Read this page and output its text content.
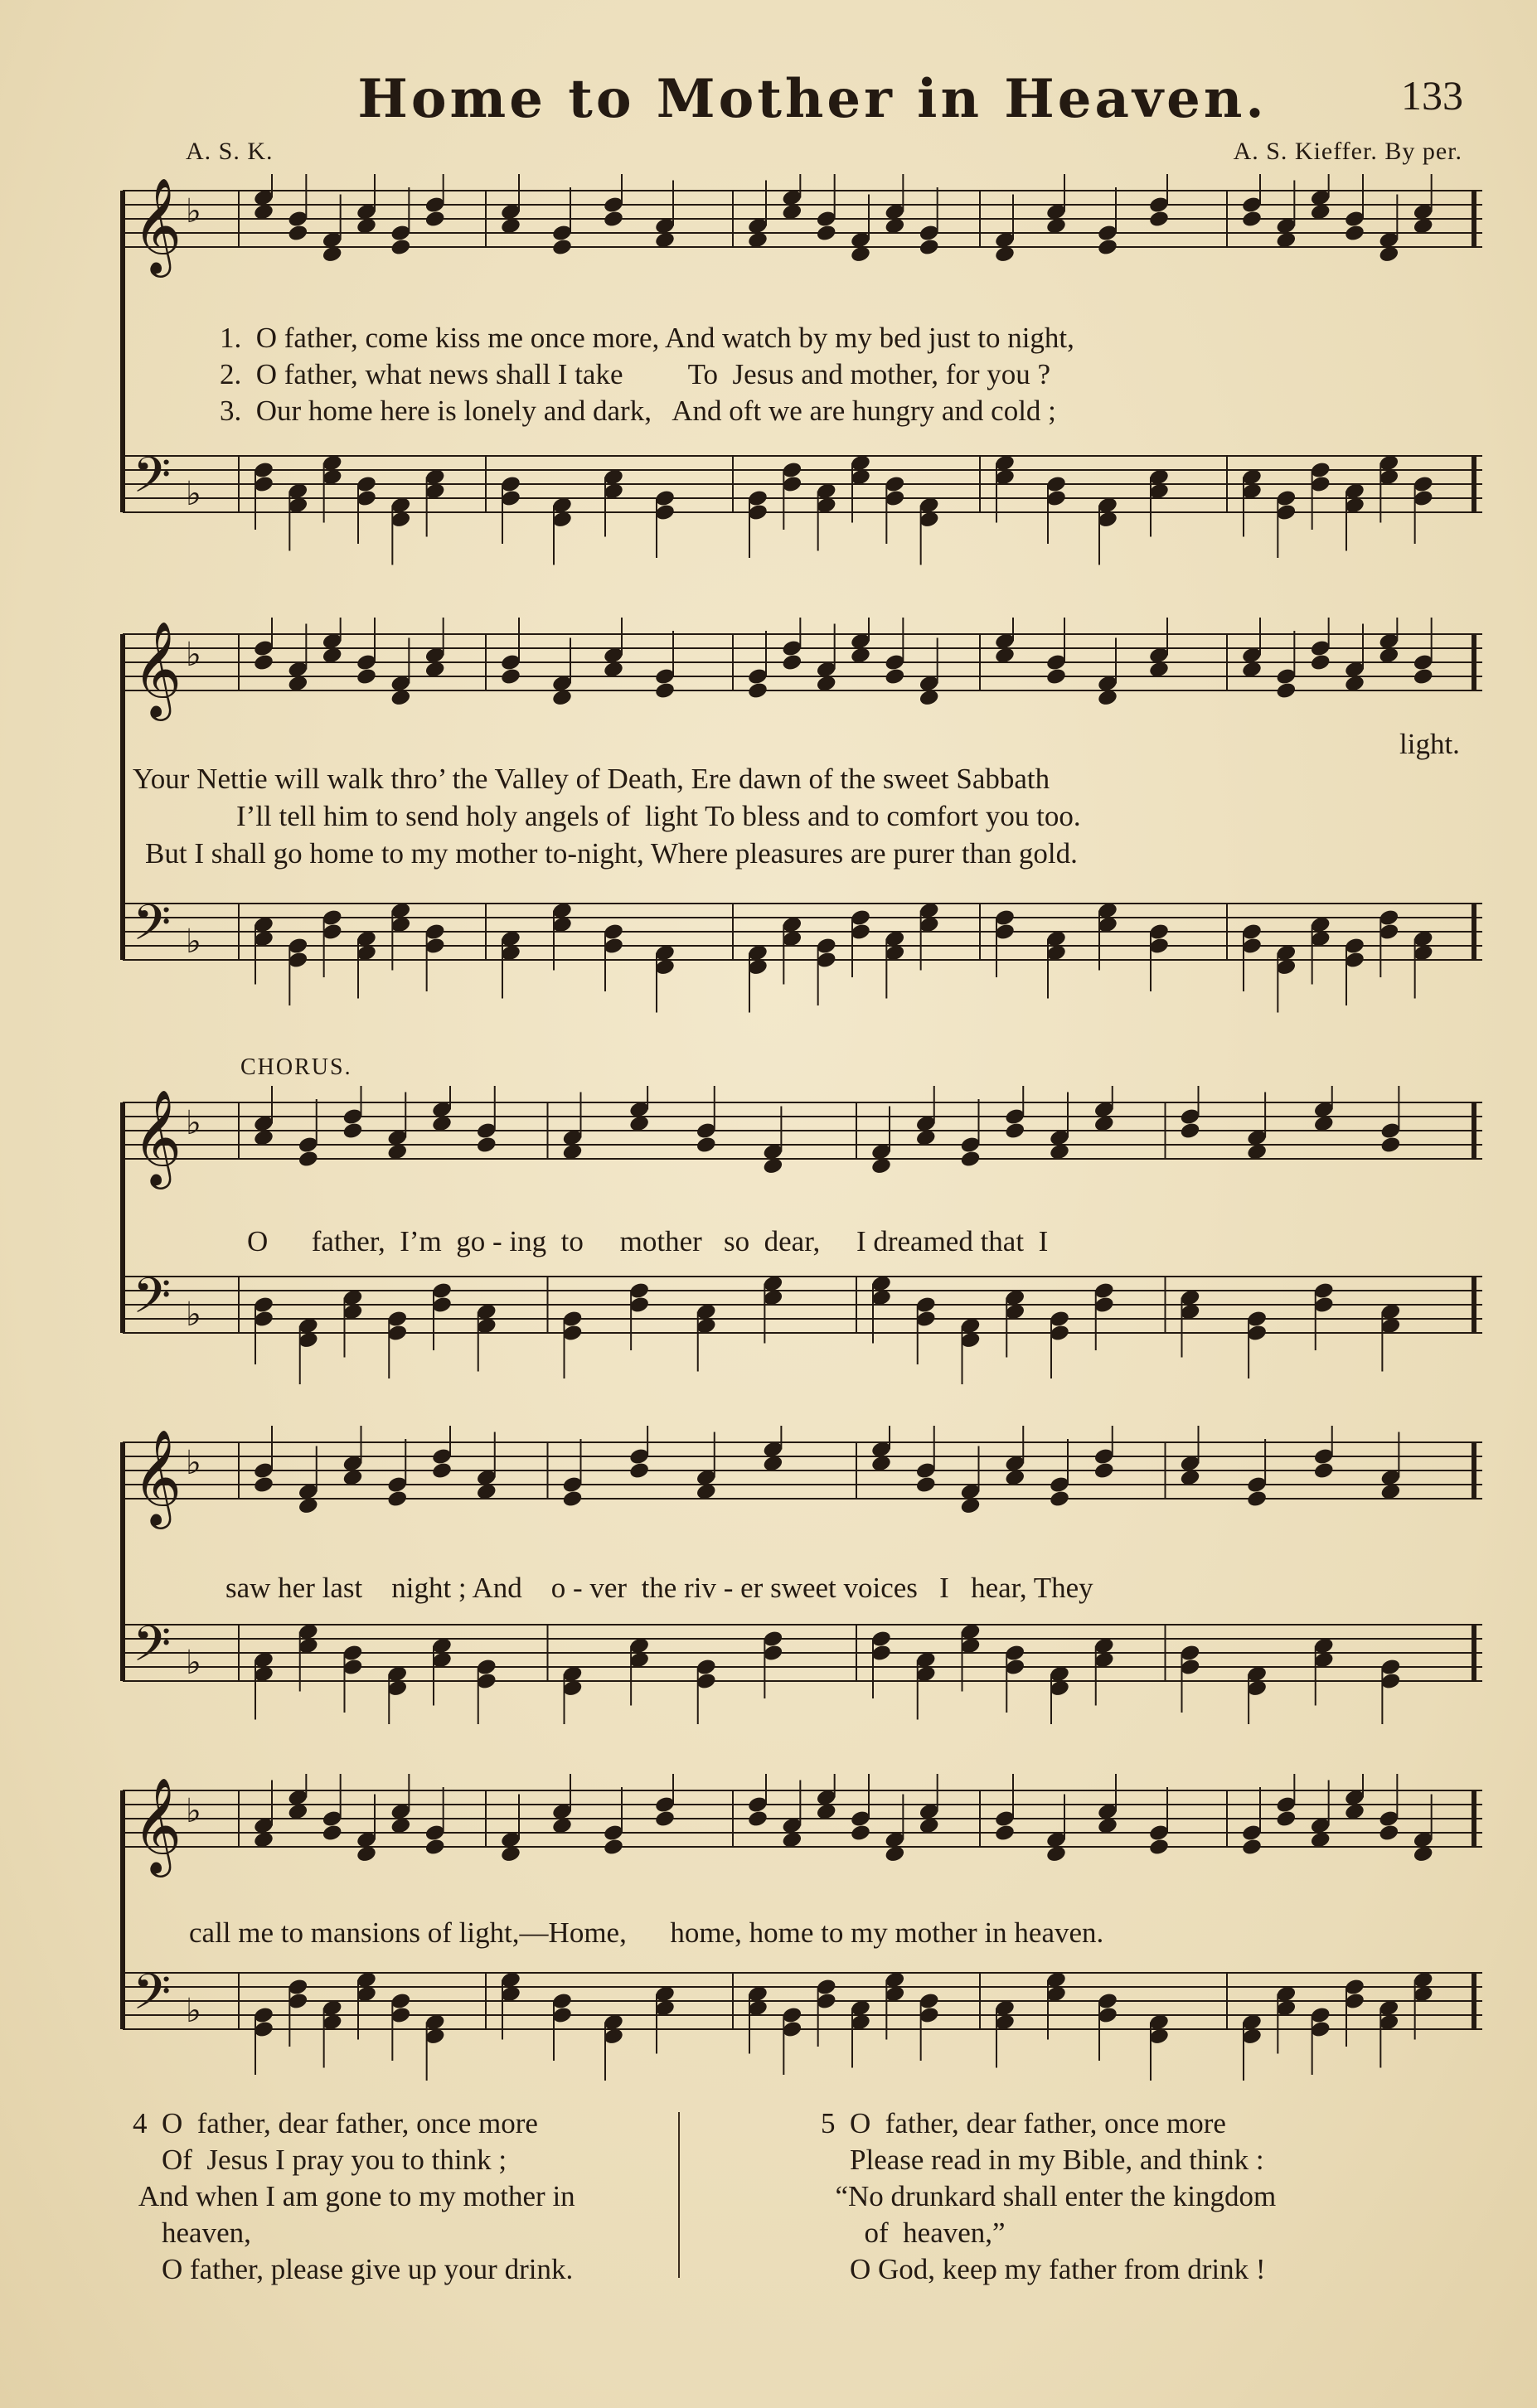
Home to Mother in Heaven.	133
A. S. K.	A. S. Kieffer. By per.
𝄞 ♭
𝄢 ♭
1.  O father, come kiss me once more, And watch by my bed just to night,
2.  O father, what news shall I take         To  Jesus and mother, for you ?
3.  Our home here is lonely and dark,   And oft we are hungry and cold ;
𝄞 ♭
𝄢 ♭
light.
Your Nettie will walk thro’ the Valley of Death, Ere dawn of the sweet Sabbath
I’ll tell him to send holy angels of  light To bless and to comfort you too.
But I shall go home to my mother to-night, Where pleasures are purer than gold.
CHORUS.
𝄞 ♭
𝄢 ♭
O      father,  I’m  go - ing  to     mother   so  dear,     I dreamed that  I
𝄞 ♭
𝄢 ♭
saw her last    night ; And    o - ver  the riv - er sweet voices   I   hear, They
𝄞 ♭
𝄢 ♭
call me to mansions of light,—Home,      home, home to my mother in heaven.
4  O  father, dear father, once more
Of  Jesus I pray you to think ;
And when I am gone to my mother in
heaven,
O father, please give up your drink.
5  O  father, dear father, once more
Please read in my Bible, and think :
“No drunkard shall enter the kingdom
of  heaven,”
O God, keep my father from drink !
